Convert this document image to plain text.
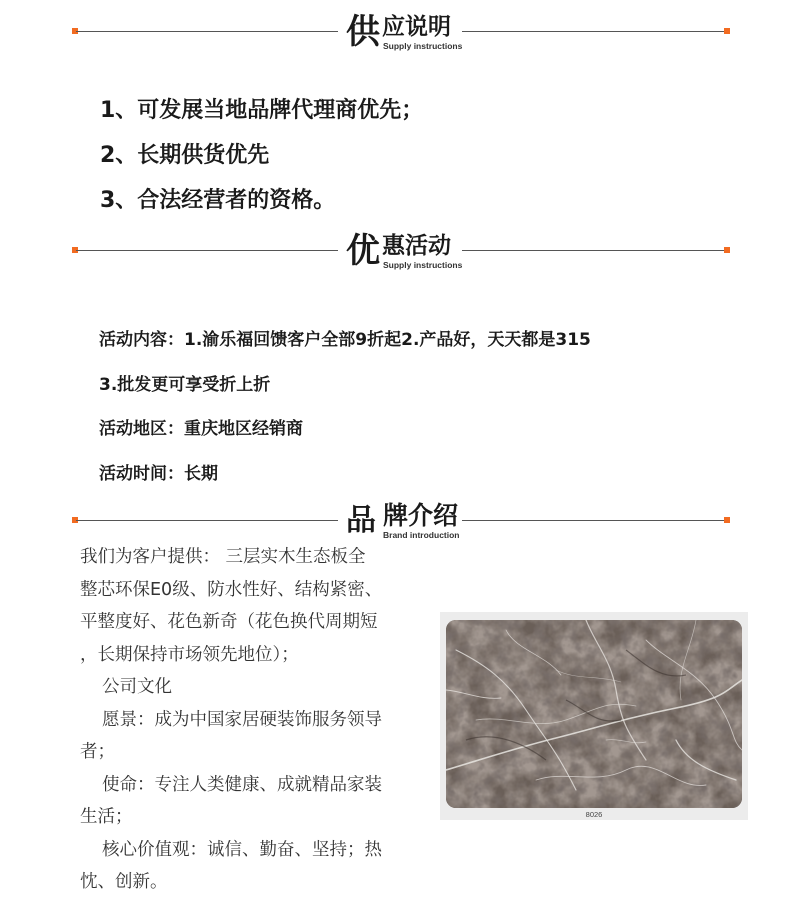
供 应说明
Supply instructions
1、可发展当地品牌代理商优先；
2、长期供货优先
3、合法经营者的资格。
优 惠活动
Supply instructions
活动内容：1.渝乐福回馈客户全部9折起2.产品好，天天都是315
3.批发更可享受折上折
活动地区：重庆地区经销商
活动时间：长期
品 牌介绍
Brand introduction

我们为客户提供： 三层实木生态板全

整芯环保E0级、防水性好、结构紧密、

平整度好、花色新奇（花色换代周期短

，长期保持市场领先地位）；

公司文化

愿景：成为中国家居硬装饰服务领导

者；

使命：专注人类健康、成就精品家装

生活；

核心价值观：诚信、勤奋、坚持；热

忱、创新。

8026
